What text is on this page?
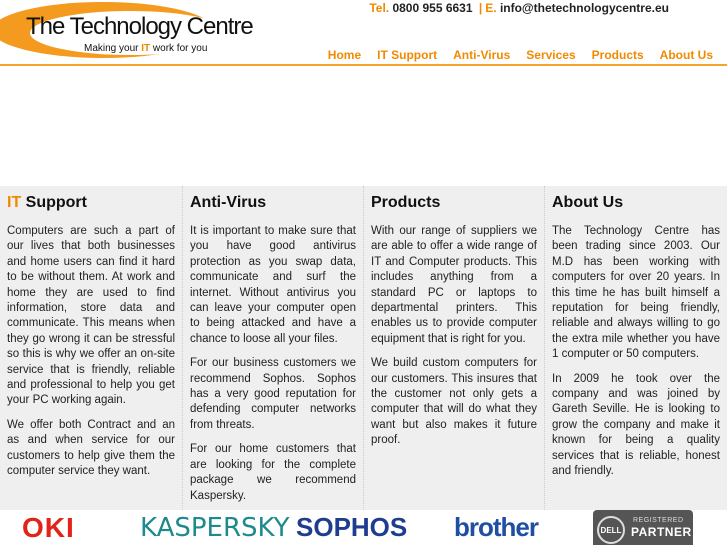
The Technology Centre
Making your IT work for you
Tel. 0800 955 6631 | E. info@thetechnologycentre.eu
Home	IT Support	Anti-Virus	Services	Products	About Us
IT Support

Computers are such a part of our lives that both businesses and home users can find it hard to be without them. At work and home they are used to find information, store data and communicate. This means when they go wrong it can be stressful so this is why we offer an on-site service that is friendly, reliable and professional to help you get your PC working again.

We offer both Contract and an as and when service for our customers to help give them the computer service they want.

Anti-Virus

It is important to make sure that you have good antivirus protection as you swap data, communicate and surf the internet. Without antivirus you can leave your computer open to being attacked and have a chance to loose all your files.

For our business customers we recommend Sophos. Sophos has a very good reputation for defending computer networks from threats.

For our home customers that are looking for the complete package we recommend Kaspersky.

Products

With our range of suppliers we are able to offer a wide range of IT and Computer products. This includes anything from a standard PC or laptops to departmental printers. This enables us to provide computer equipment that is right for you.

We build custom computers for our customers. This insures that the customer not only gets a computer that will do what they want but also makes it future proof.

About Us

The Technology Centre has been trading since 2003. Our M.D has been working with computers for over 20 years. In this time he has built himself a reputation for being friendly, reliable and always willing to go the extra mile whether you have 1 computer or 50 computers.

In 2009 he took over the company and was joined by Gareth Seville. He is looking to grow the company and make it known for being a quality services that is reliable, honest and friendly.

OKI	KASPERSKY SOPHOS brother	DELL
REGISTERED
PARTNER
